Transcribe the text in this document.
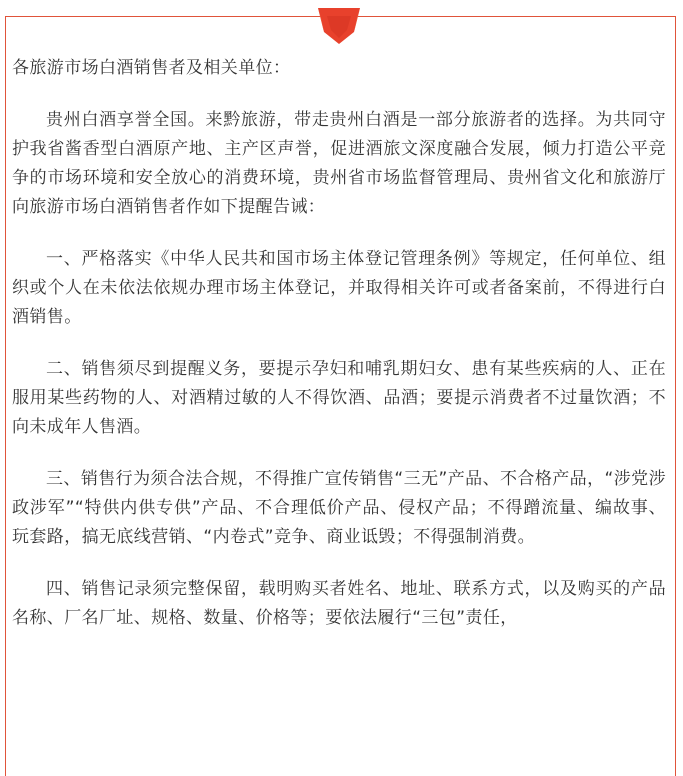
各旅游市场白酒销售者及相关单位：

贵州白酒享誉全国。来黔旅游，带走贵州白酒是一部分旅游者的选择。为共同守护我省酱香型白酒原产地、主产区声誉，促进酒旅文深度融合发展，倾力打造公平竞争的市场环境和安全放心的消费环境，贵州省市场监督管理局、贵州省文化和旅游厅向旅游市场白酒销售者作如下提醒告诫：

一、严格落实《中华人民共和国市场主体登记管理条例》等规定，任何单位、组织或个人在未依法依规办理市场主体登记，并取得相关许可或者备案前，不得进行白酒销售。

二、销售须尽到提醒义务，要提示孕妇和哺乳期妇女、患有某些疾病的人、正在服用某些药物的人、对酒精过敏的人不得饮酒、品酒；要提示消费者不过量饮酒；不向未成年人售酒。

三、销售行为须合法合规，不得推广宣传销售“三无”产品、不合格产品，“涉党涉政涉军”“特供内供专供”产品、不合理低价产品、侵权产品；不得蹭流量、编故事、玩套路，搞无底线营销、“内卷式”竞争、商业诋毁；不得强制消费。

四、销售记录须完整保留，载明购买者姓名、地址、联系方式，以及购买的产品名称、厂名厂址、规格、数量、价格等；要依法履行“三包”责任，
